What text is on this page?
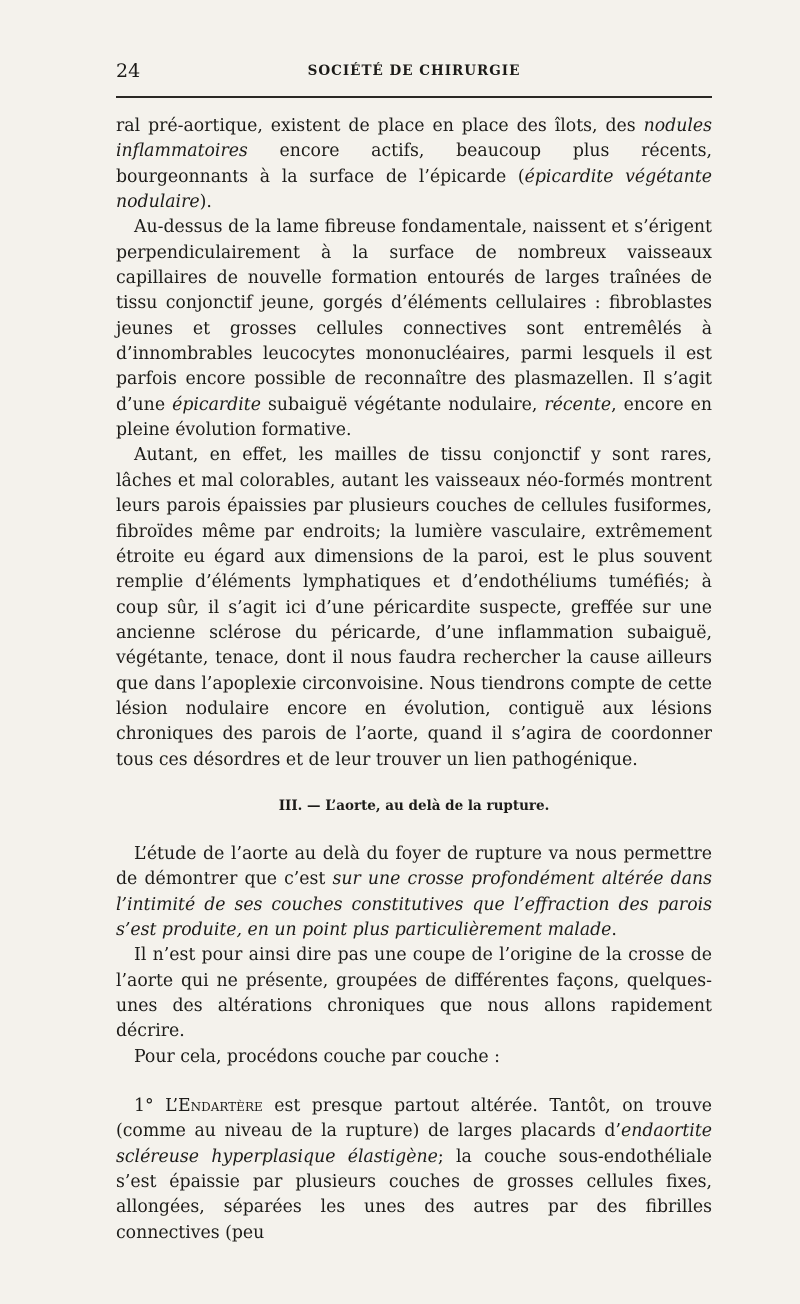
24	SOCIÉTÉ DE CHIRURGIE

ral pré-aortique, existent de place en place des îlots, des nodules inflammatoires encore actifs, beaucoup plus récents, bourgeonnants à la surface de l’épicarde (épicardite végétante nodulaire).

Au-dessus de la lame fibreuse fondamentale, naissent et s’érigent perpendiculairement à la surface de nombreux vaisseaux capillaires de nouvelle formation entourés de larges traînées de tissu conjonctif jeune, gorgés d’éléments cellulaires : fibroblastes jeunes et grosses cellules connectives sont entremêlés à d’innombrables leucocytes mononucléaires, parmi lesquels il est parfois encore possible de reconnaître des plasmazellen. Il s’agit d’une épicardite subaiguë végétante nodulaire, récente, encore en pleine évolution formative.

Autant, en effet, les mailles de tissu conjonctif y sont rares, lâches et mal colorables, autant les vaisseaux néo-formés montrent leurs parois épaissies par plusieurs couches de cellules fusiformes, fibroïdes même par endroits; la lumière vasculaire, extrêmement étroite eu égard aux dimensions de la paroi, est le plus souvent remplie d’éléments lymphatiques et d’endothéliums tuméfiés; à coup sûr, il s’agit ici d’une péricardite suspecte, greffée sur une ancienne sclérose du péricarde, d’une inflammation subaiguë, végétante, tenace, dont il nous faudra rechercher la cause ailleurs que dans l’apoplexie circonvoisine. Nous tiendrons compte de cette lésion nodulaire encore en évolution, contiguë aux lésions chroniques des parois de l’aorte, quand il s’agira de coordonner tous ces désordres et de leur trouver un lien pathogénique.

III. — L’aorte, au delà de la rupture.

L’étude de l’aorte au delà du foyer de rupture va nous permettre de démontrer que c’est sur une crosse profondément altérée dans l’intimité de ses couches constitutives que l’effraction des parois s’est produite, en un point plus particulièrement malade.

Il n’est pour ainsi dire pas une coupe de l’origine de la crosse de l’aorte qui ne présente, groupées de différentes façons, quelques-unes des altérations chroniques que nous allons rapidement décrire.

Pour cela, procédons couche par couche :

1° L’Endartère est presque partout altérée. Tantôt, on trouve (comme au niveau de la rupture) de larges placards d’endaortite scléreuse hyperplasique élastigène; la couche sous-endothéliale s’est épaissie par plusieurs couches de grosses cellules fixes, allongées, séparées les unes des autres par des fibrilles connectives (peu
